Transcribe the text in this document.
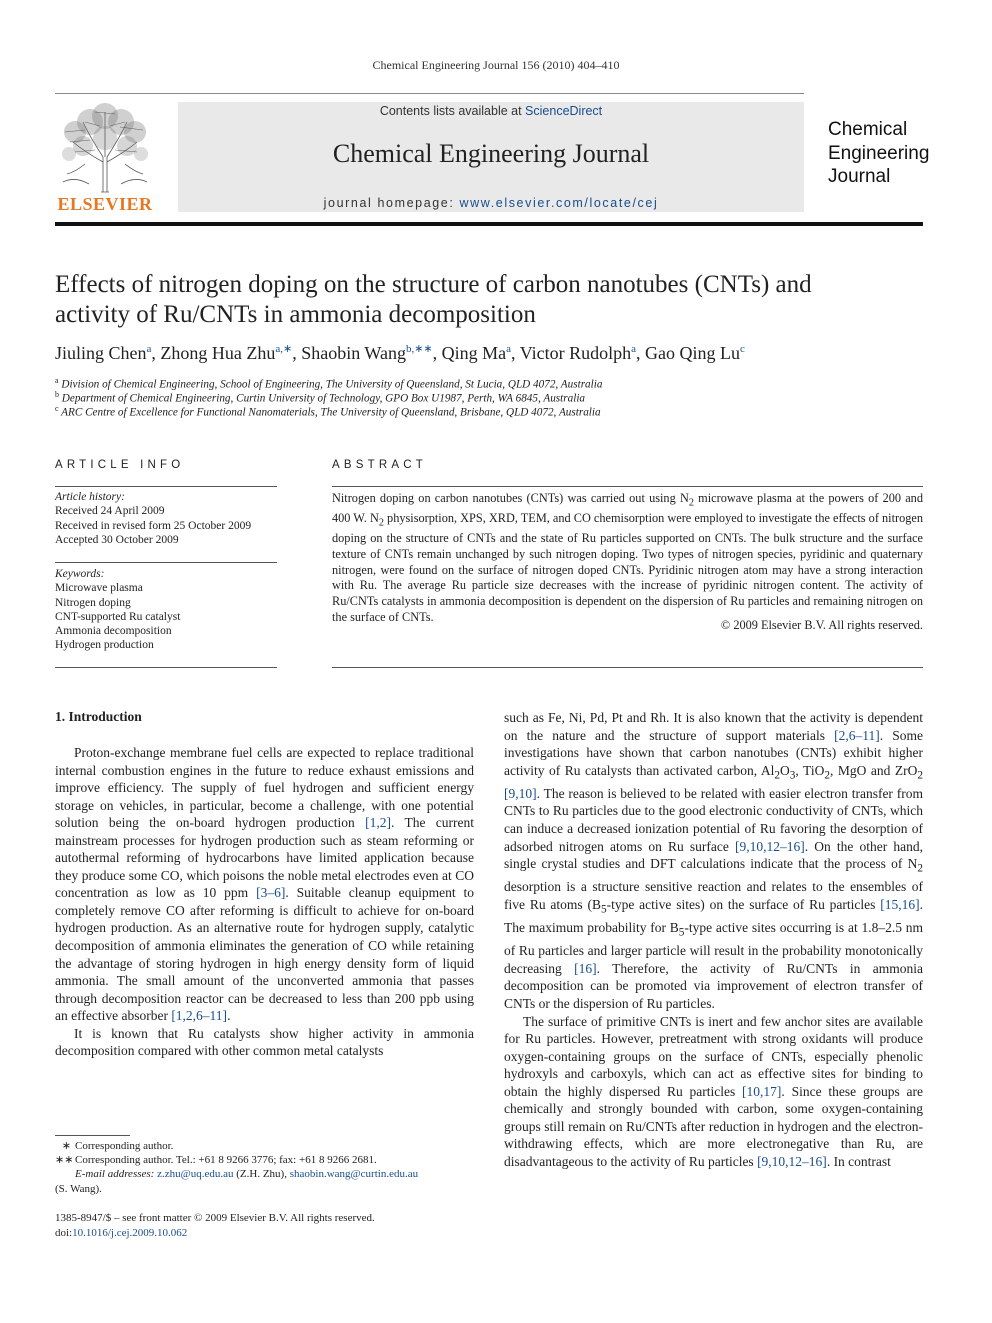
Chemical Engineering Journal 156 (2010) 404–410
ELSEVIER
Contents lists available at ScienceDirect
Chemical Engineering Journal
journal homepage: www.elsevier.com/locate/cej
Chemical
Engineering
Journal
Effects of nitrogen doping on the structure of carbon nanotubes (CNTs) and
activity of Ru/CNTs in ammonia decomposition
Jiuling Chen$^a$, Zhong Hua Zhu$^{a,∗}$, Shaobin Wang$^{b,∗∗}$, Qing Ma$^a$, Victor Rudolph$^a$, Gao Qing Lu$^c$
$^a$ Division of Chemical Engineering, School of Engineering, The University of Queensland, St Lucia, QLD 4072, Australia
$^b$ Department of Chemical Engineering, Curtin University of Technology, GPO Box U1987, Perth, WA 6845, Australia
$^c$ ARC Centre of Excellence for Functional Nanomaterials, The University of Queensland, Brisbane, QLD 4072, Australia
ARTICLE INFO
Article history:
Received 24 April 2009
Received in revised form 25 October 2009
Accepted 30 October 2009
Keywords:
Microwave plasma
Nitrogen doping
CNT-supported Ru catalyst
Ammonia decomposition
Hydrogen production
ABSTRACT
Nitrogen doping on carbon nanotubes (CNTs) was carried out using $N_2$ microwave plasma at the powers of 200 and 400 W. $N_2$ physisorption, XPS, XRD, TEM, and CO chemisorption were employed to investigate the effects of nitrogen doping on the structure of CNTs and the state of Ru particles supported on CNTs. The bulk structure and the surface texture of CNTs remain unchanged by such nitrogen doping. Two types of nitrogen species, pyridinic and quaternary nitrogen, were found on the surface of nitrogen doped CNTs. Pyridinic nitrogen atom may have a strong interaction with Ru. The average Ru particle size decreases with the increase of pyridinic nitrogen content. The activity of Ru/CNTs catalysts in ammonia decomposition is dependent on the dispersion of Ru particles and remaining nitrogen on the surface of CNTs.
© 2009 Elsevier B.V. All rights reserved.
1. Introduction

Proton-exchange membrane fuel cells are expected to replace traditional internal combustion engines in the future to reduce exhaust emissions and improve efficiency. The supply of fuel hydrogen and sufficient energy storage on vehicles, in particular, become a challenge, with one potential solution being the on-board hydrogen production [1,2]. The current mainstream processes for hydrogen production such as steam reforming or autothermal reforming of hydrocarbons have limited application because they produce some CO, which poisons the noble metal electrodes even at CO concentration as low as 10 ppm [3–6]. Suitable cleanup equipment to completely remove CO after reforming is difficult to achieve for on-board hydrogen production. As an alternative route for hydrogen supply, catalytic decomposition of ammonia eliminates the generation of CO while retaining the advantage of storing hydrogen in high energy density form of liquid ammonia. The small amount of the unconverted ammonia that passes through decomposition reactor can be decreased to less than 200 ppb using an effective absorber [1,2,6–11].

It is known that Ru catalysts show higher activity in ammonia decomposition compared with other common metal catalysts

such as Fe, Ni, Pd, Pt and Rh. It is also known that the activity is dependent on the nature and the structure of support materials [2,6–11]. Some investigations have shown that carbon nanotubes (CNTs) exhibit higher activity of Ru catalysts than activated carbon, $Al_2O_3$, TiO$_2$, MgO and ZrO$_2$ [9,10]. The reason is believed to be related with easier electron transfer from CNTs to Ru particles due to the good electronic conductivity of CNTs, which can induce a decreased ionization potential of Ru favoring the desorption of adsorbed nitrogen atoms on Ru surface [9,10,12–16]. On the other hand, single crystal studies and DFT calculations indicate that the process of $N_2$ desorption is a structure sensitive reaction and relates to the ensembles of five Ru atoms ($B_5$-type active sites) on the surface of Ru particles [15,16]. The maximum probability for $B_5$-type active sites occurring is at 1.8–2.5 nm of Ru particles and larger particle will result in the probability monotonically decreasing [16]. Therefore, the activity of Ru/CNTs in ammonia decomposition can be promoted via improvement of electron transfer of CNTs or the dispersion of Ru particles.

The surface of primitive CNTs is inert and few anchor sites are available for Ru particles. However, pretreatment with strong oxidants will produce oxygen-containing groups on the surface of CNTs, especially phenolic hydroxyls and carboxyls, which can act as effective sites for binding to obtain the highly dispersed Ru particles [10,17]. Since these groups are chemically and strongly bounded with carbon, some oxygen-containing groups still remain on Ru/CNTs after reduction in hydrogen and the electron-withdrawing effects, which are more electronegative than Ru, are disadvantageous to the activity of Ru particles [9,10,12–16]. In contrast

∗ Corresponding author.
∗∗ Corresponding author. Tel.: +61 8 9266 3776; fax: +61 8 9266 2681.
E-mail addresses: z.zhu@uq.edu.au (Z.H. Zhu), shaobin.wang@curtin.edu.au
(S. Wang).
1385-8947/$ – see front matter © 2009 Elsevier B.V. All rights reserved.
doi:10.1016/j.cej.2009.10.062
